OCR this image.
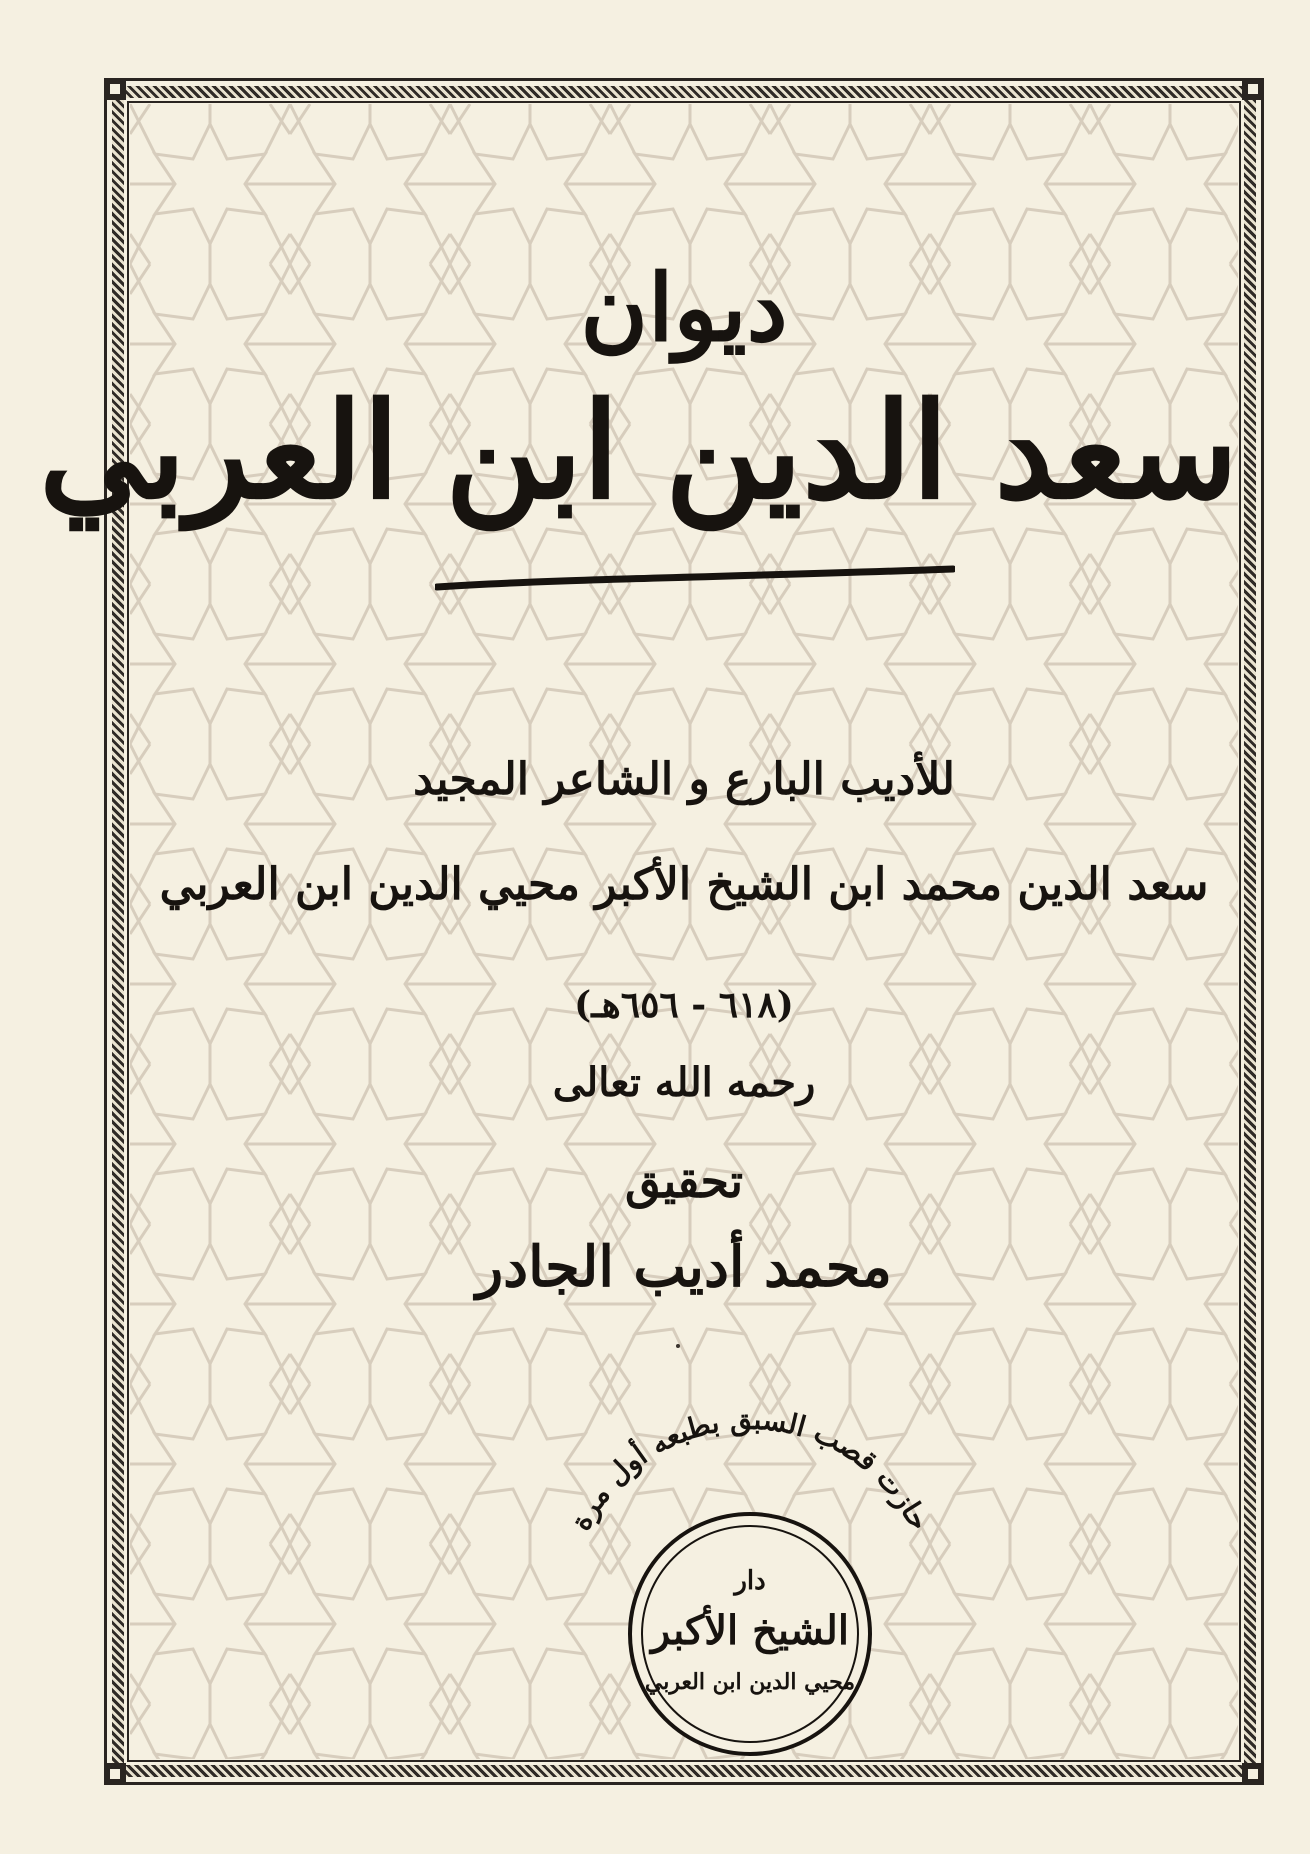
ديوان
سعد الدين ابن العربي
للأديب البارع و الشاعر المجيد
سعد الدين محمد ابن الشيخ الأكبر محيي الدين ابن العربي
(٦١٨ - ٦٥٦هـ)
رحمه الله تعالى
تحقيق
محمد أديب الجادر
حازت قصب السبق بطبعه أول مرة
دار
الشيخ الأكبر
محيي الدين ابن العربي
